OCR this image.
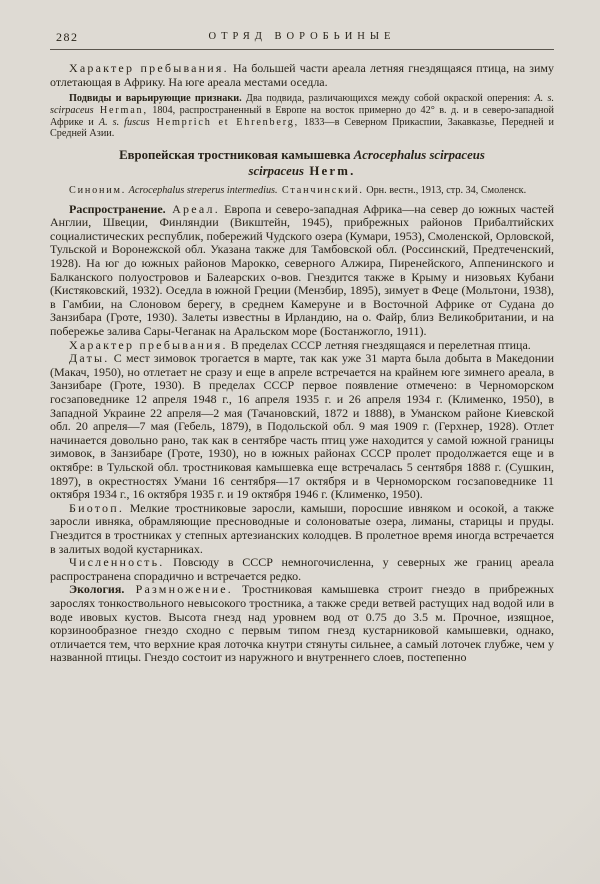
282	ОТРЯД ВОРОБЬИНЫЕ

Характер пребывания. На большей части ареала летняя гнездящаяся птица, на зиму отлетающая в Африку. На юге ареала местами оседла.

Подвиды и варьирующие признаки. Два подвида, различающихся между собой окраской оперения: A. s. scirpaceus Herman, 1804, распространенный в Европе на восток примерно до 42° в. д. и в северо-западной Африке и A. s. fuscus Hemprich et Ehrenberg, 1833—в Северном Прикаспии, Закавказье, Передней и Средней Азии.

Европейская тростниковая камышевка Acrocephalus scirpaceus
scirpaceus Herm.

Синоним. Acrocephalus streperus intermedius. Станчинский. Орн. вестн., 1913, стр. 34, Смоленск.

Распространение. Ареал. Европа и северо-западная Африка—на север до южных частей Англии, Швеции, Финляндии (Викштейн, 1945), прибрежных районов Прибалтийских социалистических республик, побережий Чудского озера (Кумари, 1953), Смоленской, Орловской, Тульской и Воронежской обл. Указана также для Тамбовской обл. (Россинский, Предтеченский, 1928). На юг до южных районов Марокко, северного Алжира, Пиренейского, Аппенинского и Балканского полуостровов и Балеарских о-вов. Гнездится также в Крыму и низовьях Кубани (Кистяковский, 1932). Оседла в южной Греции (Мензбир, 1895), зимует в Феце (Мольтони, 1938), в Гамбии, на Слоновом берегу, в среднем Камеруне и в Восточной Африке от Судана до Занзибара (Гроте, 1930). Залеты известны в Ирландию, на о. Файр, близ Великобритании, и на побережье залива Сары-Чеганак на Аральском море (Бостанжогло, 1911).

Характер пребывания. В пределах СССР летняя гнездящаяся и перелетная птица.

Даты. С мест зимовок трогается в марте, так как уже 31 марта была добыта в Македонии (Макач, 1950), но отлетает не сразу и еще в апреле встречается на крайнем юге зимнего ареала, в Занзибаре (Гроте, 1930). В пределах СССР первое появление отмечено: в Черноморском госзаповеднике 12 апреля 1948 г., 16 апреля 1935 г. и 26 апреля 1934 г. (Клименко, 1950), в Западной Украине 22 апреля—2 мая (Тачановский, 1872 и 1888), в Уманском районе Киевской обл. 20 апреля—7 мая (Гебель, 1879), в Подольской обл. 9 мая 1909 г. (Герхнер, 1928). Отлет начинается довольно рано, так как в сентябре часть птиц уже находится у самой южной границы зимовок, в Занзибаре (Гроте, 1930), но в южных районах СССР пролет продолжается еще и в октябре: в Тульской обл. тростниковая камышевка еще встречалась 5 сентября 1888 г. (Сушкин, 1897), в окрестностях Умани 16 сентября—17 октября и в Черноморском госзаповеднике 11 октября 1934 г., 16 октября 1935 г. и 19 октября 1946 г. (Клименко, 1950).

Биотоп. Мелкие тростниковые заросли, камыши, поросшие ивняком и осокой, а также заросли ивняка, обрамляющие пресноводные и солоноватые озера, лиманы, старицы и пруды. Гнездится в тростниках у степных артезианских колодцев. В пролетное время иногда встречается в залитых водой кустарниках.

Численность. Повсюду в СССР немногочисленна, у северных же границ ареала распространена спорадично и встречается редко.

Экология. Размножение. Тростниковая камышевка строит гнездо в прибрежных зарослях тонкоствольного невысокого тростника, а также среди ветвей растущих над водой или в воде ивовых кустов. Высота гнезд над уровнем вод от 0.75 до 3.5 м. Прочное, изящное, корзинообразное гнездо сходно с первым типом гнезд кустарниковой камышевки, однако, отличается тем, что верхние края лоточка кнутри стянуты сильнее, а самый лоточек глубже, чем у названной птицы. Гнездо состоит из наружного и внутреннего слоев, постепенно
